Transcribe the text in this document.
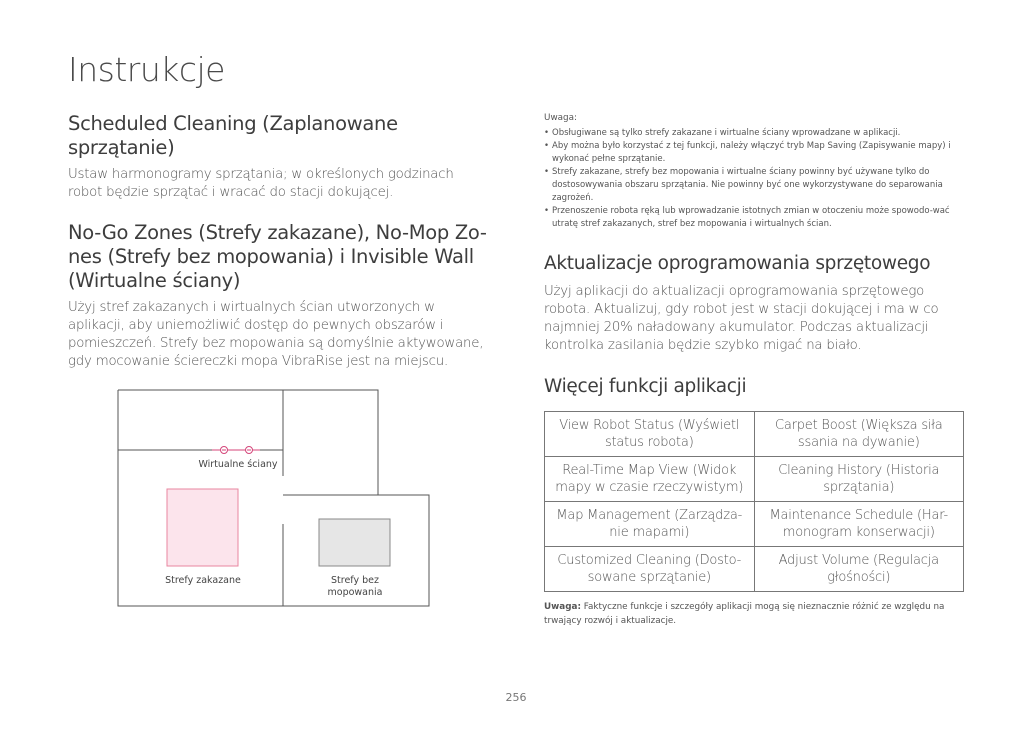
Instrukcje
Scheduled Cleaning (Zaplanowane sprzątanie)

Ustaw harmonogramy sprzątania; w określonych godzinach robot będzie sprzątać i wracać do stacji dokującej.

No-Go Zones (Strefy zakazane), No-Mop Zo-nes (Strefy bez mopowania) i Invisible Wall (Wirtualne ściany)

Użyj stref zakazanych i wirtualnych ścian utworzonych w aplikacji, aby uniemożliwić dostęp do pewnych obszarów i pomieszczeń. Strefy bez mopowania są domyślnie aktywowane, gdy mocowanie ściereczki mopa VibraRise jest na miejscu.

Wirtualne ściany
Strefy zakazane	Strefy bez mopowania
Uwaga:
• Obsługiwane są tylko strefy zakazane i wirtualne ściany wprowadzane w aplikacji.
• Aby można było korzystać z tej funkcji, należy włączyć tryb Map Saving (Zapisywanie mapy) i wykonać pełne sprzątanie.
• Strefy zakazane, strefy bez mopowania i wirtualne ściany powinny być używane tylko do dostosowywania obszaru sprzątania. Nie powinny być one wykorzystywane do separowania zagrożeń.
• Przenoszenie robota ręką lub wprowadzanie istotnych zmian w otoczeniu może spowodo-wać utratę stref zakazanych, stref bez mopowania i wirtualnych ścian.
Aktualizacje oprogramowania sprzętowego

Użyj aplikacji do aktualizacji oprogramowania sprzętowego robota. Aktualizuj, gdy robot jest w stacji dokującej i ma w co najmniej 20% naładowany akumulator. Podczas aktualizacji kontrolka zasilania będzie szybko migać na biało.

Więcej funkcji aplikacji
View Robot Status (Wyświetl status robota)	Carpet Boost (Większa siła ssania na dywanie)
Real-Time Map View (Widok mapy w czasie rzeczywistym)	Cleaning History (Historia sprzątania)
Map Management (Zarządza-nie mapami)	Maintenance Schedule (Har-monogram konserwacji)
Customized Cleaning (Dosto-sowane sprzątanie)	Adjust Volume (Regulacja głośności)

Uwaga: Faktyczne funkcje i szczegóły aplikacji mogą się nieznacznie różnić ze względu na trwający rozwój i aktualizacje.

256
